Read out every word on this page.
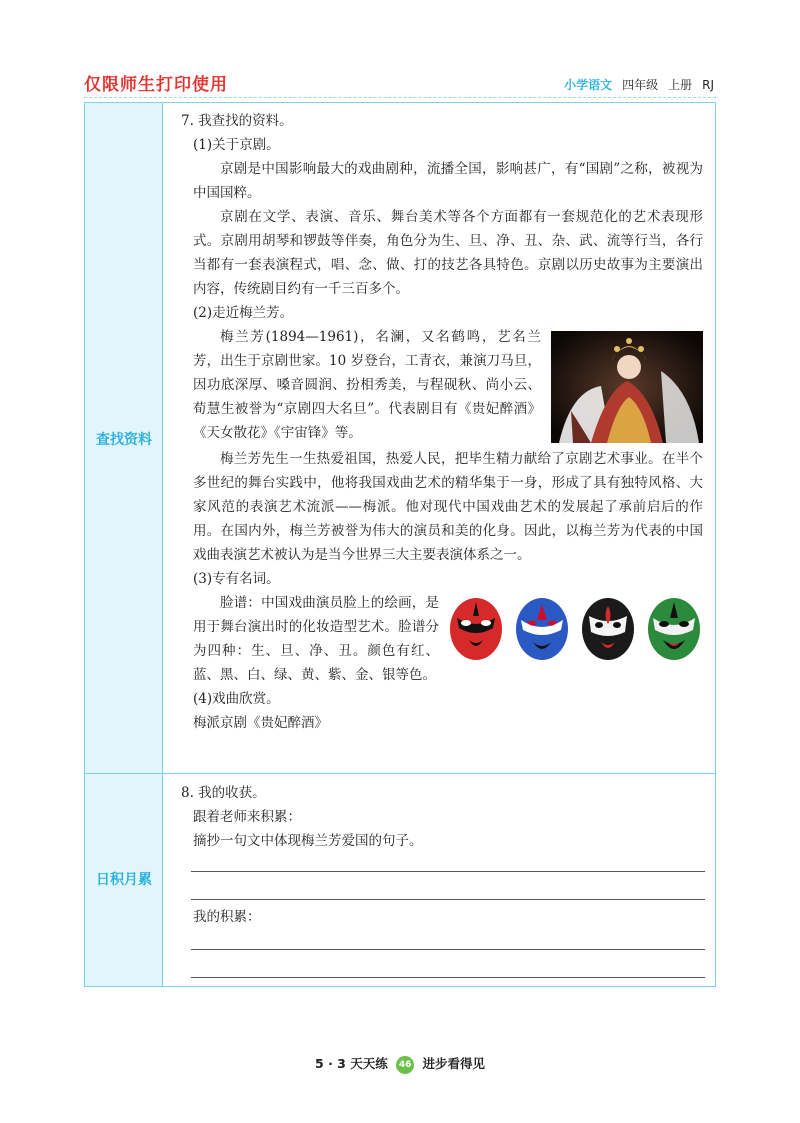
仅限师生打印使用	小学语文 四年级 上册 RJ
查找资料
日积月累
7. 我查找的资料。
(1)关于京剧。
京剧是中国影响最大的戏曲剧种，流播全国，影响甚广，有“国剧”之称，被视为中国国粹。
京剧在文学、表演、音乐、舞台美术等各个方面都有一套规范化的艺术表现形式。京剧用胡琴和锣鼓等伴奏，角色分为生、旦、净、丑、杂、武、流等行当，各行当都有一套表演程式，唱、念、做、打的技艺各具特色。京剧以历史故事为主要演出内容，传统剧目约有一千三百多个。
(2)走近梅兰芳。
梅兰芳(1894—1961)，名澜，又名鹤鸣，艺名兰芳，出生于京剧世家。10 岁登台，工青衣，兼演刀马旦，因功底深厚、嗓音圆润、扮相秀美，与程砚秋、尚小云、荀慧生被誉为“京剧四大名旦”。代表剧目有《贵妃醉酒》《天女散花》《宇宙锋》等。
梅兰芳先生一生热爱祖国，热爱人民，把毕生精力献给了京剧艺术事业。在半个多世纪的舞台实践中，他将我国戏曲艺术的精华集于一身，形成了具有独特风格、大家风范的表演艺术流派——梅派。他对现代中国戏曲艺术的发展起了承前启后的作用。在国内外，梅兰芳被誉为伟大的演员和美的化身。因此，以梅兰芳为代表的中国戏曲表演艺术被认为是当今世界三大主要表演体系之一。
(3)专有名词。
脸谱：中国戏曲演员脸上的绘画，是用于舞台演出时的化妆造型艺术。脸谱分为四种：生、旦、净、丑。颜色有红、蓝、黑、白、绿、黄、紫、金、银等色。
(4)戏曲欣赏。
梅派京剧《贵妃醉酒》
8. 我的收获。
跟着老师来积累：
摘抄一句文中体现梅兰芳爱国的句子。
我的积累：
5 · 3 天天练 46 进步看得见
